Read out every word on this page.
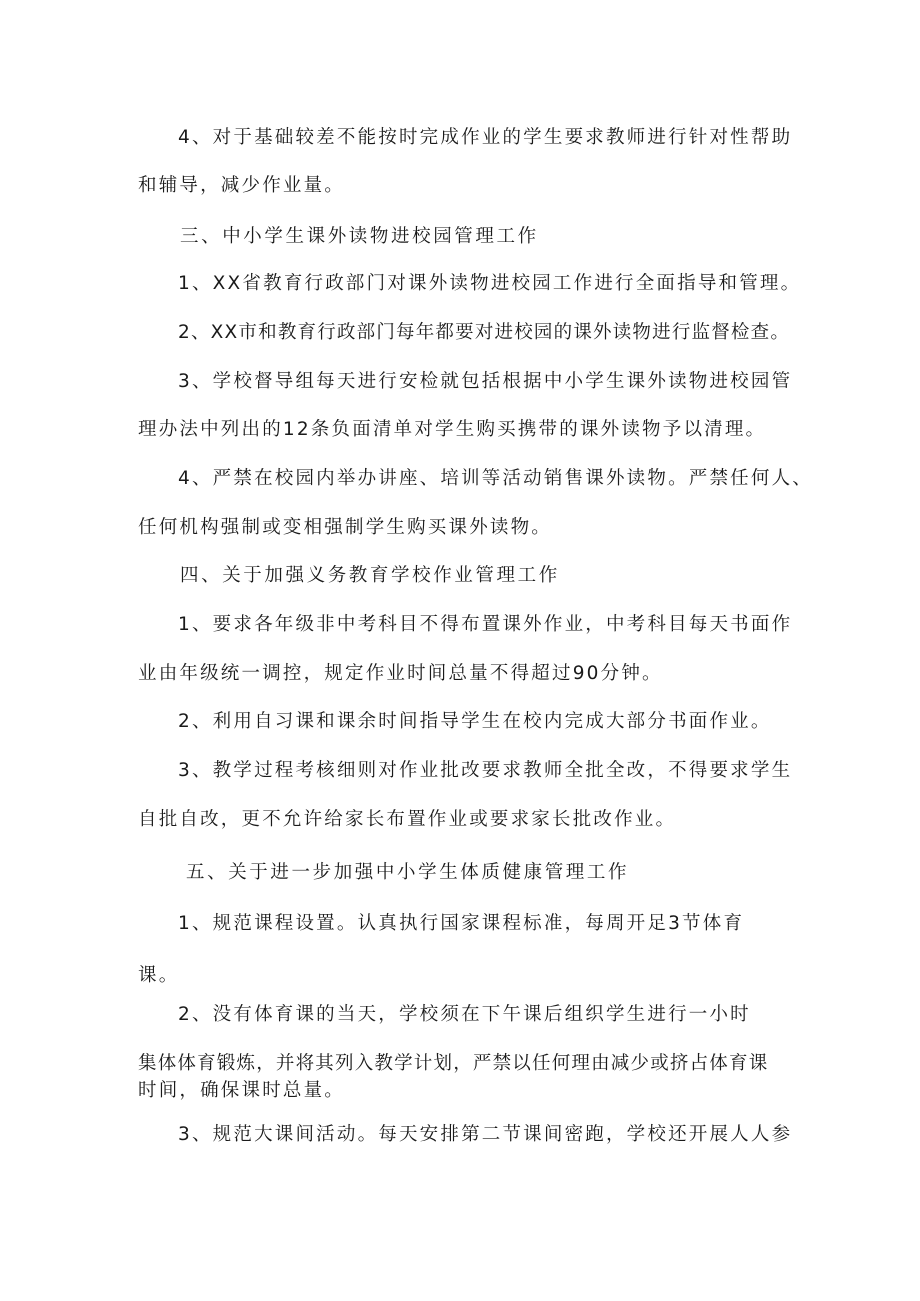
4、对于基础较差不能按时完成作业的学生要求教师进行针对性帮助
和辅导，减少作业量。
三、中小学生课外读物进校园管理工作
1、XX省教育行政部门对课外读物进校园工作进行全面指导和管理。
2、XX市和教育行政部门每年都要对进校园的课外读物进行监督检查。
3、学校督导组每天进行安检就包括根据中小学生课外读物进校园管
理办法中列出的12条负面清单对学生购买携带的课外读物予以清理。
4、严禁在校园内举办讲座、培训等活动销售课外读物。严禁任何人、
任何机构强制或变相强制学生购买课外读物。
四、关于加强义务教育学校作业管理工作
1、要求各年级非中考科目不得布置课外作业，中考科目每天书面作
业由年级统一调控，规定作业时间总量不得超过90分钟。
2、利用自习课和课余时间指导学生在校内完成大部分书面作业。
3、教学过程考核细则对作业批改要求教师全批全改，不得要求学生
自批自改，更不允许给家长布置作业或要求家长批改作业。
五、关于进一步加强中小学生体质健康管理工作
1、规范课程设置。认真执行国家课程标准，每周开足3节体育
课。
2、没有体育课的当天，学校须在下午课后组织学生进行一小时
集体体育锻炼，并将其列入教学计划，严禁以任何理由减少或挤占体育课
时间，确保课时总量。
3、规范大课间活动。每天安排第二节课间密跑，学校还开展人人参
